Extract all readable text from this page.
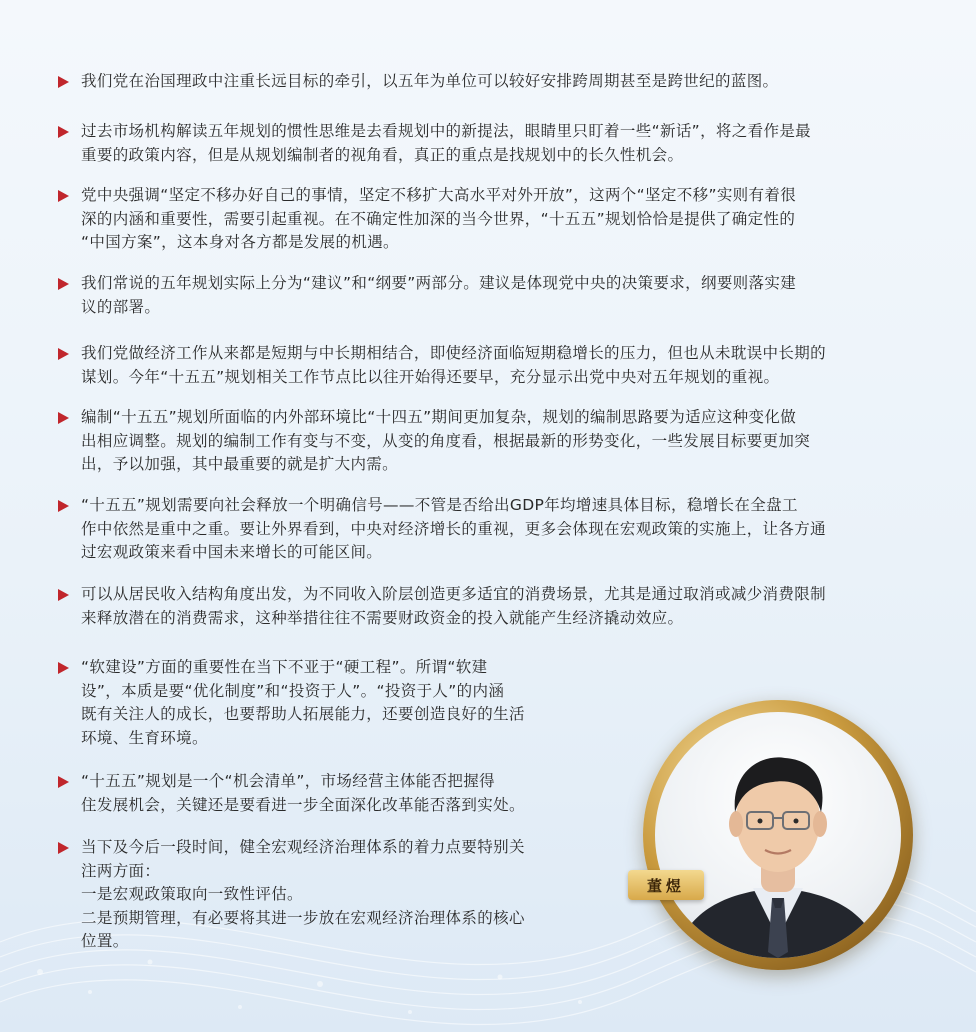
我们党在治国理政中注重长远目标的牵引，以五年为单位可以较好安排跨周期甚至是跨世纪的蓝图。
过去市场机构解读五年规划的惯性思维是去看规划中的新提法，眼睛里只盯着一些“新话”，将之看作是最
重要的政策内容，但是从规划编制者的视角看，真正的重点是找规划中的长久性机会。
党中央强调“坚定不移办好自己的事情，坚定不移扩大高水平对外开放”，这两个“坚定不移”实则有着很
深的内涵和重要性，需要引起重视。在不确定性加深的当今世界，“十五五”规划恰恰是提供了确定性的
“中国方案”，这本身对各方都是发展的机遇。
我们常说的五年规划实际上分为“建议”和“纲要”两部分。建议是体现党中央的决策要求，纲要则落实建
议的部署。
我们党做经济工作从来都是短期与中长期相结合，即使经济面临短期稳增长的压力，但也从未耽误中长期的
谋划。今年“十五五”规划相关工作节点比以往开始得还要早，充分显示出党中央对五年规划的重视。
编制“十五五”规划所面临的内外部环境比“十四五”期间更加复杂，规划的编制思路要为适应这种变化做
出相应调整。规划的编制工作有变与不变，从变的角度看，根据最新的形势变化，一些发展目标要更加突
出，予以加强，其中最重要的就是扩大内需。
“十五五”规划需要向社会释放一个明确信号——不管是否给出GDP年均增速具体目标，稳增长在全盘工
作中依然是重中之重。要让外界看到，中央对经济增长的重视，更多会体现在宏观政策的实施上，让各方通
过宏观政策来看中国未来增长的可能区间。
可以从居民收入结构角度出发，为不同收入阶层创造更多适宜的消费场景，尤其是通过取消或减少消费限制
来释放潜在的消费需求，这种举措往往不需要财政资金的投入就能产生经济撬动效应。
“软建设”方面的重要性在当下不亚于“硬工程”。所谓“软建
设”，本质是要“优化制度”和“投资于人”。“投资于人”的内涵
既有关注人的成长，也要帮助人拓展能力，还要创造良好的生活
环境、生育环境。
“十五五”规划是一个“机会清单”，市场经营主体能否把握得
住发展机会，关键还是要看进一步全面深化改革能否落到实处。
当下及今后一段时间，健全宏观经济治理体系的着力点要特别关
注两方面：
一是宏观政策取向一致性评估。
二是预期管理，有必要将其进一步放在宏观经济治理体系的核心
位置。
董煜
